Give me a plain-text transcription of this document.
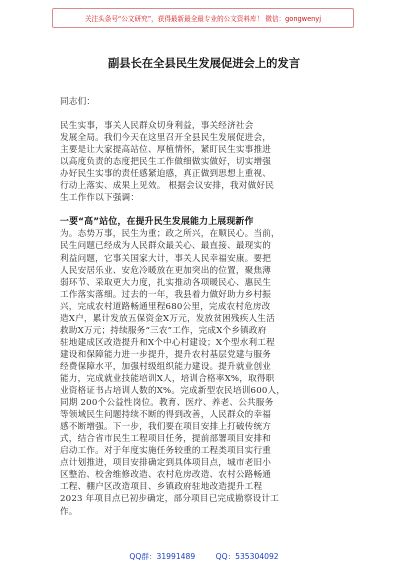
关注头条号“公文研究”，获得最新最全最专业的公文资料库！ 微信：gongwenyj
副县长在全县民生发展促进会上的发言

同志们：

民生实事，事关人民群众切身利益，事关经济社会

发展全局。我们今天在这里召开全县民生发展促进会，

主要是让大家提高站位、厚植情怀，紧盯民生实事推进

以高度负责的态度把民生工作做细做实做好，切实增强

办好民生实事的责任感紧迫感，真正做到思想上重视、

行动上落实、成果上见效。 根据会议安排，我对做好民

生工作作以下强调：

一要“高”站位，在提升民生发展能力上展现新作

为。态势万事，民生为重；政之所兴，在顺民心。当前，

民生问题已经成为人民群众最关心、最直接、最现实的

利益问题，它事关国家大计，事关人民幸福安康。要把

人民安居乐业、安危冷暖放在更加突出的位置，聚焦薄

弱环节、采取更大力度，扎实推动各项暖民心、惠民生

工作落实落细。过去的一年，我县着力做好助力乡村振

兴，完成农村道路畅通里程680公里，完成农村危房改

造X户，累计发放五保资金X万元，发放贫困残疾人生活

救助X万元；持续服务“三农”工作，完成X个乡镇政府

驻地建成区改造提升和X个中心村建设；X个型水利工程

建设和保障能力进一步提升，提升农村基层党建与服务

经费保障水平，加强村级组织能力建设。提升就业创业

能力，完成就业技能培训X人，培训合格率X%，取得职

业资格证书占培训人数的X%。完成新型农民培训600人，

同期 200个公益性岗位。教育、医疗、养老、公共服务

等领域民生问题持续不断的得到改善，人民群众的幸福

感不断增强。下一步，我们要在项目安排上打破传统方

式，结合省市民生工程项目任务，提前部署项目安排和

启动工作。对于年度实施任务较重的工程类项目实行重

点计划推进，项目安排确定到具体项目点，城市老旧小

区整治、校舍维修改造、农村危房改造、农村公路畅通

工程、棚户区改造项目、乡镇政府驻地改造提升工程

2023 年项目点已初步确定，部分项目已完成勘察设计工

作。

QQ群：31991489	QQ：535304092
